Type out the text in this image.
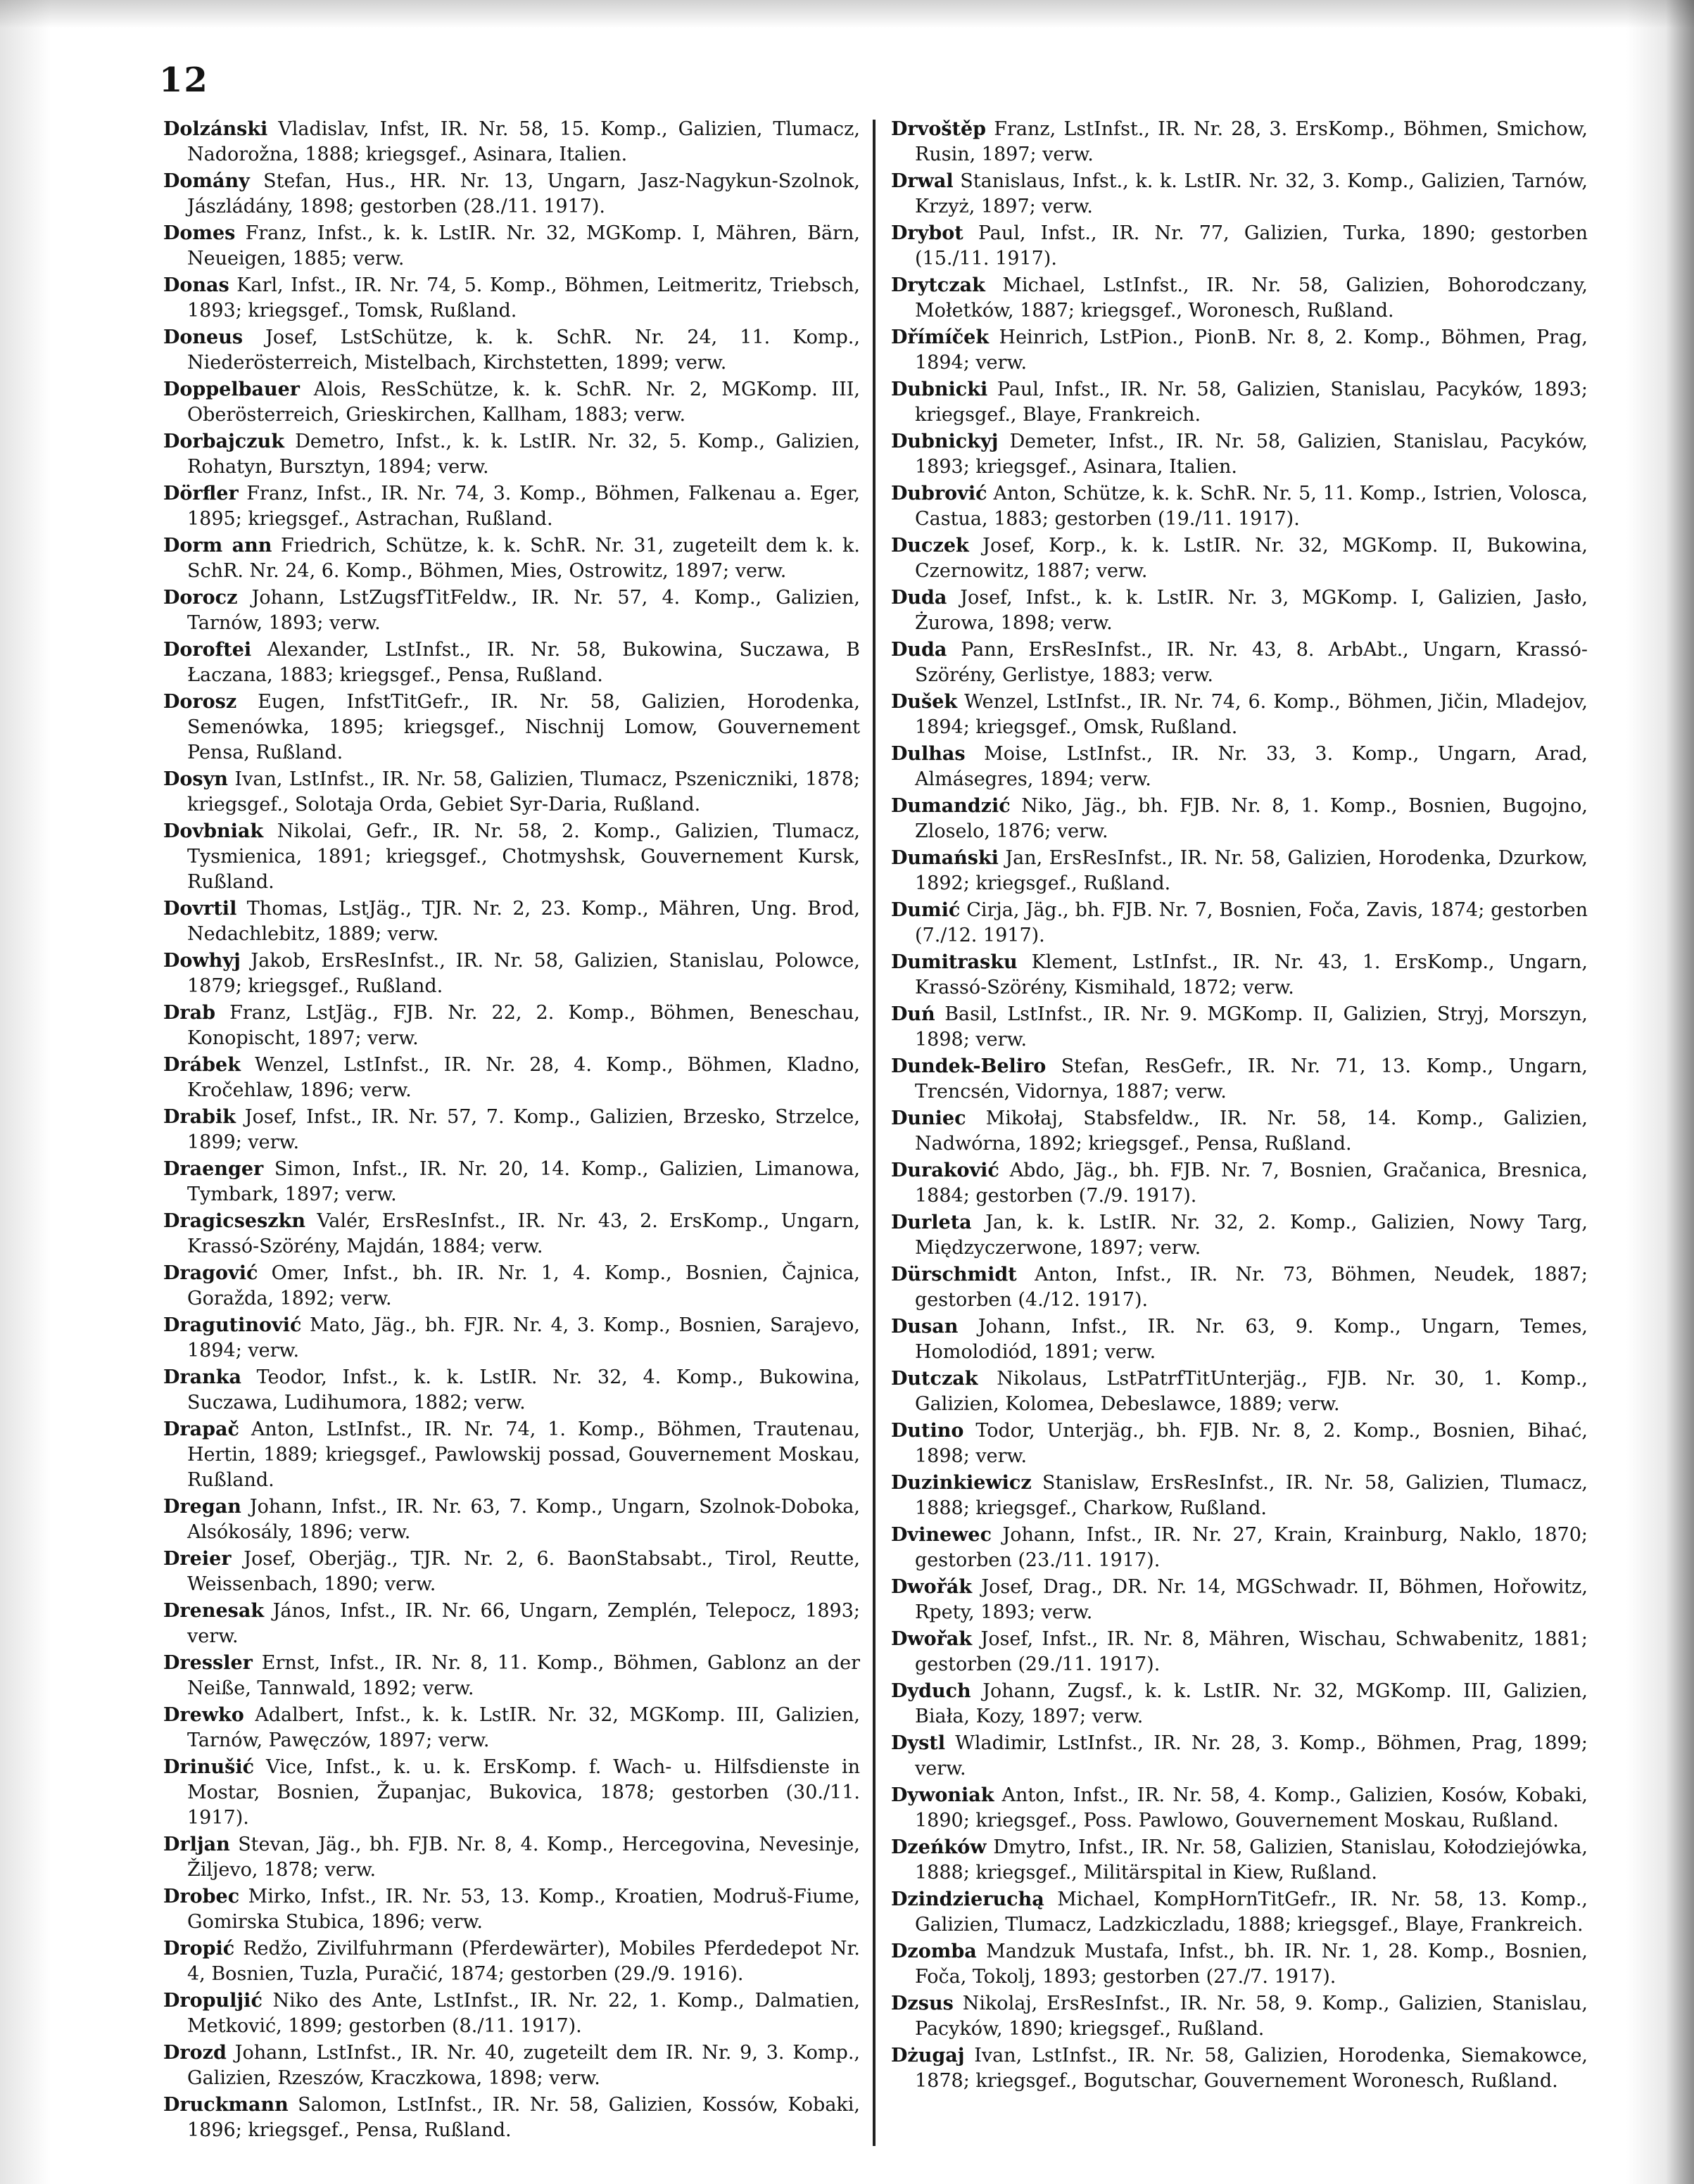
12
Dolzánski Vladislav, Infst, IR. Nr. 58, 15. Komp., Galizien, Tlumacz, Nadorožna, 1888; kriegsgef., Asinara, Italien.
Domány Stefan, Hus., HR. Nr. 13, Ungarn, Jasz-Nagykun-Szolnok, Jászládány, 1898; gestorben (28./11. 1917).
Domes Franz, Infst., k. k. LstIR. Nr. 32, MGKomp. I, Mähren, Bärn, Neueigen, 1885; verw.
Donas Karl, Infst., IR. Nr. 74, 5. Komp., Böhmen, Leitmeritz, Triebsch, 1893; kriegsgef., Tomsk, Rußland.
Doneus Josef, LstSchütze, k. k. SchR. Nr. 24, 11. Komp., Niederösterreich, Mistelbach, Kirchstetten, 1899; verw.
Doppelbauer Alois, ResSchütze, k. k. SchR. Nr. 2, MGKomp. III, Oberösterreich, Grieskirchen, Kallham, 1883; verw.
Dorbajczuk Demetro, Infst., k. k. LstIR. Nr. 32, 5. Komp., Galizien, Rohatyn, Bursztyn, 1894; verw.
Dörfler Franz, Infst., IR. Nr. 74, 3. Komp., Böhmen, Falkenau a. Eger, 1895; kriegsgef., Astrachan, Rußland.
Dorm ann Friedrich, Schütze, k. k. SchR. Nr. 31, zugeteilt dem k. k. SchR. Nr. 24, 6. Komp., Böhmen, Mies, Ostrowitz, 1897; verw.
Dorocz Johann, LstZugsfTitFeldw., IR. Nr. 57, 4. Komp., Galizien, Tarnów, 1893; verw.
Doroftei Alexander, LstInfst., IR. Nr. 58, Bukowina, Suczawa, B Łaczana, 1883; kriegsgef., Pensa, Rußland.
Dorosz Eugen, InfstTitGefr., IR. Nr. 58, Galizien, Horodenka, Semenówka, 1895; kriegsgef., Nischnij Lomow, Gouvernement Pensa, Rußland.
Dosyn Ivan, LstInfst., IR. Nr. 58, Galizien, Tlumacz, Pszeniczniki, 1878; kriegsgef., Solotaja Orda, Gebiet Syr-Daria, Rußland.
Dovbniak Nikolai, Gefr., IR. Nr. 58, 2. Komp., Galizien, Tlumacz, Tysmienica, 1891; kriegsgef., Chotmyshsk, Gouvernement Kursk, Rußland.
Dovrtil Thomas, LstJäg., TJR. Nr. 2, 23. Komp., Mähren, Ung. Brod, Nedachlebitz, 1889; verw.
Dowhyj Jakob, ErsResInfst., IR. Nr. 58, Galizien, Stanislau, Polowce, 1879; kriegsgef., Rußland.
Drab Franz, LstJäg., FJB. Nr. 22, 2. Komp., Böhmen, Beneschau, Konopischt, 1897; verw.
Drábek Wenzel, LstInfst., IR. Nr. 28, 4. Komp., Böhmen, Kladno, Kročehlaw, 1896; verw.
Drabik Josef, Infst., IR. Nr. 57, 7. Komp., Galizien, Brzesko, Strzelce, 1899; verw.
Draenger Simon, Infst., IR. Nr. 20, 14. Komp., Galizien, Limanowa, Tymbark, 1897; verw.
Dragicseszkn Valér, ErsResInfst., IR. Nr. 43, 2. ErsKomp., Ungarn, Krassó-Szörény, Majdán, 1884; verw.
Dragović Omer, Infst., bh. IR. Nr. 1, 4. Komp., Bosnien, Čajnica, Goražda, 1892; verw.
Dragutinović Mato, Jäg., bh. FJR. Nr. 4, 3. Komp., Bosnien, Sarajevo, 1894; verw.
Dranka Teodor, Infst., k. k. LstIR. Nr. 32, 4. Komp., Bukowina, Suczawa, Ludihumora, 1882; verw.
Drapač Anton, LstInfst., IR. Nr. 74, 1. Komp., Böhmen, Trautenau, Hertin, 1889; kriegsgef., Pawlowskij possad, Gouvernement Moskau, Rußland.
Dregan Johann, Infst., IR. Nr. 63, 7. Komp., Ungarn, Szolnok-Doboka, Alsókosály, 1896; verw.
Dreier Josef, Oberjäg., TJR. Nr. 2, 6. BaonStabsabt., Tirol, Reutte, Weissenbach, 1890; verw.
Drenesak János, Infst., IR. Nr. 66, Ungarn, Zemplén, Telepocz, 1893; verw.
Dressler Ernst, Infst., IR. Nr. 8, 11. Komp., Böhmen, Gablonz an der Neiße, Tannwald, 1892; verw.
Drewko Adalbert, Infst., k. k. LstIR. Nr. 32, MGKomp. III, Galizien, Tarnów, Pawęczów, 1897; verw.
Drinušić Vice, Infst., k. u. k. ErsKomp. f. Wach- u. Hilfsdienste in Mostar, Bosnien, Županjac, Bukovica, 1878; gestorben (30./11. 1917).
Drljan Stevan, Jäg., bh. FJB. Nr. 8, 4. Komp., Hercegovina, Nevesinje, Žiljevo, 1878; verw.
Drobec Mirko, Infst., IR. Nr. 53, 13. Komp., Kroatien, Modruš-Fiume, Gomirska Stubica, 1896; verw.
Dropić Redžo, Zivilfuhrmann (Pferdewärter), Mobiles Pferdedepot Nr. 4, Bosnien, Tuzla, Puračić, 1874; gestorben (29./9. 1916).
Dropuljić Niko des Ante, LstInfst., IR. Nr. 22, 1. Komp., Dalmatien, Metković, 1899; gestorben (8./11. 1917).
Drozd Johann, LstInfst., IR. Nr. 40, zugeteilt dem IR. Nr. 9, 3. Komp., Galizien, Rzeszów, Kraczkowa, 1898; verw.
Druckmann Salomon, LstInfst., IR. Nr. 58, Galizien, Kossów, Kobaki, 1896; kriegsgef., Pensa, Rußland.
Drvoštěp Franz, LstInfst., IR. Nr. 28, 3. ErsKomp., Böhmen, Smichow, Rusin, 1897; verw.
Drwal Stanislaus, Infst., k. k. LstIR. Nr. 32, 3. Komp., Galizien, Tarnów, Krzyż, 1897; verw.
Drybot Paul, Infst., IR. Nr. 77, Galizien, Turka, 1890; gestorben (15./11. 1917).
Drytczak Michael, LstInfst., IR. Nr. 58, Galizien, Bohorodczany, Mołetków, 1887; kriegsgef., Woronesch, Rußland.
Dřímíček Heinrich, LstPion., PionB. Nr. 8, 2. Komp., Böhmen, Prag, 1894; verw.
Dubnicki Paul, Infst., IR. Nr. 58, Galizien, Stanislau, Pacyków, 1893; kriegsgef., Blaye, Frankreich.
Dubnickyj Demeter, Infst., IR. Nr. 58, Galizien, Stanislau, Pacyków, 1893; kriegsgef., Asinara, Italien.
Dubrović Anton, Schütze, k. k. SchR. Nr. 5, 11. Komp., Istrien, Volosca, Castua, 1883; gestorben (19./11. 1917).
Duczek Josef, Korp., k. k. LstIR. Nr. 32, MGKomp. II, Bukowina, Czernowitz, 1887; verw.
Duda Josef, Infst., k. k. LstIR. Nr. 3, MGKomp. I, Galizien, Jasło, Żurowa, 1898; verw.
Duda Pann, ErsResInfst., IR. Nr. 43, 8. ArbAbt., Ungarn, Krassó-Szörény, Gerlistye, 1883; verw.
Dušek Wenzel, LstInfst., IR. Nr. 74, 6. Komp., Böhmen, Jičin, Mladejov, 1894; kriegsgef., Omsk, Rußland.
Dulhas Moise, LstInfst., IR. Nr. 33, 3. Komp., Ungarn, Arad, Almásegres, 1894; verw.
Dumandzić Niko, Jäg., bh. FJB. Nr. 8, 1. Komp., Bosnien, Bugojno, Zloselo, 1876; verw.
Dumański Jan, ErsResInfst., IR. Nr. 58, Galizien, Horodenka, Dzurkow, 1892; kriegsgef., Rußland.
Dumić Cirja, Jäg., bh. FJB. Nr. 7, Bosnien, Foča, Zavis, 1874; gestorben (7./12. 1917).
Dumitrasku Klement, LstInfst., IR. Nr. 43, 1. ErsKomp., Ungarn, Krassó-Szörény, Kismihald, 1872; verw.
Duń Basil, LstInfst., IR. Nr. 9. MGKomp. II, Galizien, Stryj, Morszyn, 1898; verw.
Dundek-Beliro Stefan, ResGefr., IR. Nr. 71, 13. Komp., Ungarn, Trencsén, Vidornya, 1887; verw.
Duniec Mikołaj, Stabsfeldw., IR. Nr. 58, 14. Komp., Galizien, Nadwórna, 1892; kriegsgef., Pensa, Rußland.
Duraković Abdo, Jäg., bh. FJB. Nr. 7, Bosnien, Gračanica, Bresnica, 1884; gestorben (7./9. 1917).
Durleta Jan, k. k. LstIR. Nr. 32, 2. Komp., Galizien, Nowy Targ, Międzyczerwone, 1897; verw.
Dürschmidt Anton, Infst., IR. Nr. 73, Böhmen, Neudek, 1887; gestorben (4./12. 1917).
Dusan Johann, Infst., IR. Nr. 63, 9. Komp., Ungarn, Temes, Homolodiód, 1891; verw.
Dutczak Nikolaus, LstPatrfTitUnterjäg., FJB. Nr. 30, 1. Komp., Galizien, Kolomea, Debeslawce, 1889; verw.
Dutino Todor, Unterjäg., bh. FJB. Nr. 8, 2. Komp., Bosnien, Bihać, 1898; verw.
Duzinkiewicz Stanislaw, ErsResInfst., IR. Nr. 58, Galizien, Tlumacz, 1888; kriegsgef., Charkow, Rußland.
Dvinewec Johann, Infst., IR. Nr. 27, Krain, Krainburg, Naklo, 1870; gestorben (23./11. 1917).
Dwořák Josef, Drag., DR. Nr. 14, MGSchwadr. II, Böhmen, Hořowitz, Rpety, 1893; verw.
Dwořak Josef, Infst., IR. Nr. 8, Mähren, Wischau, Schwabenitz, 1881; gestorben (29./11. 1917).
Dyduch Johann, Zugsf., k. k. LstIR. Nr. 32, MGKomp. III, Galizien, Biała, Kozy, 1897; verw.
Dystl Wladimir, LstInfst., IR. Nr. 28, 3. Komp., Böhmen, Prag, 1899; verw.
Dywoniak Anton, Infst., IR. Nr. 58, 4. Komp., Galizien, Kosów, Kobaki, 1890; kriegsgef., Poss. Pawlowo, Gouvernement Moskau, Rußland.
Dzeńków Dmytro, Infst., IR. Nr. 58, Galizien, Stanislau, Kołodziejówka, 1888; kriegsgef., Militärspital in Kiew, Rußland.
Dzindzieruchą Michael, KompHornTitGefr., IR. Nr. 58, 13. Komp., Galizien, Tlumacz, Ladzkiczladu, 1888; kriegsgef., Blaye, Frankreich.
Dzomba Mandzuk Mustafa, Infst., bh. IR. Nr. 1, 28. Komp., Bosnien, Foča, Tokolj, 1893; gestorben (27./7. 1917).
Dzsus Nikolaj, ErsResInfst., IR. Nr. 58, 9. Komp., Galizien, Stanislau, Pacyków, 1890; kriegsgef., Rußland.
Dżugaj Ivan, LstInfst., IR. Nr. 58, Galizien, Horodenka, Siemakowce, 1878; kriegsgef., Bogutschar, Gouvernement Woronesch, Rußland.
